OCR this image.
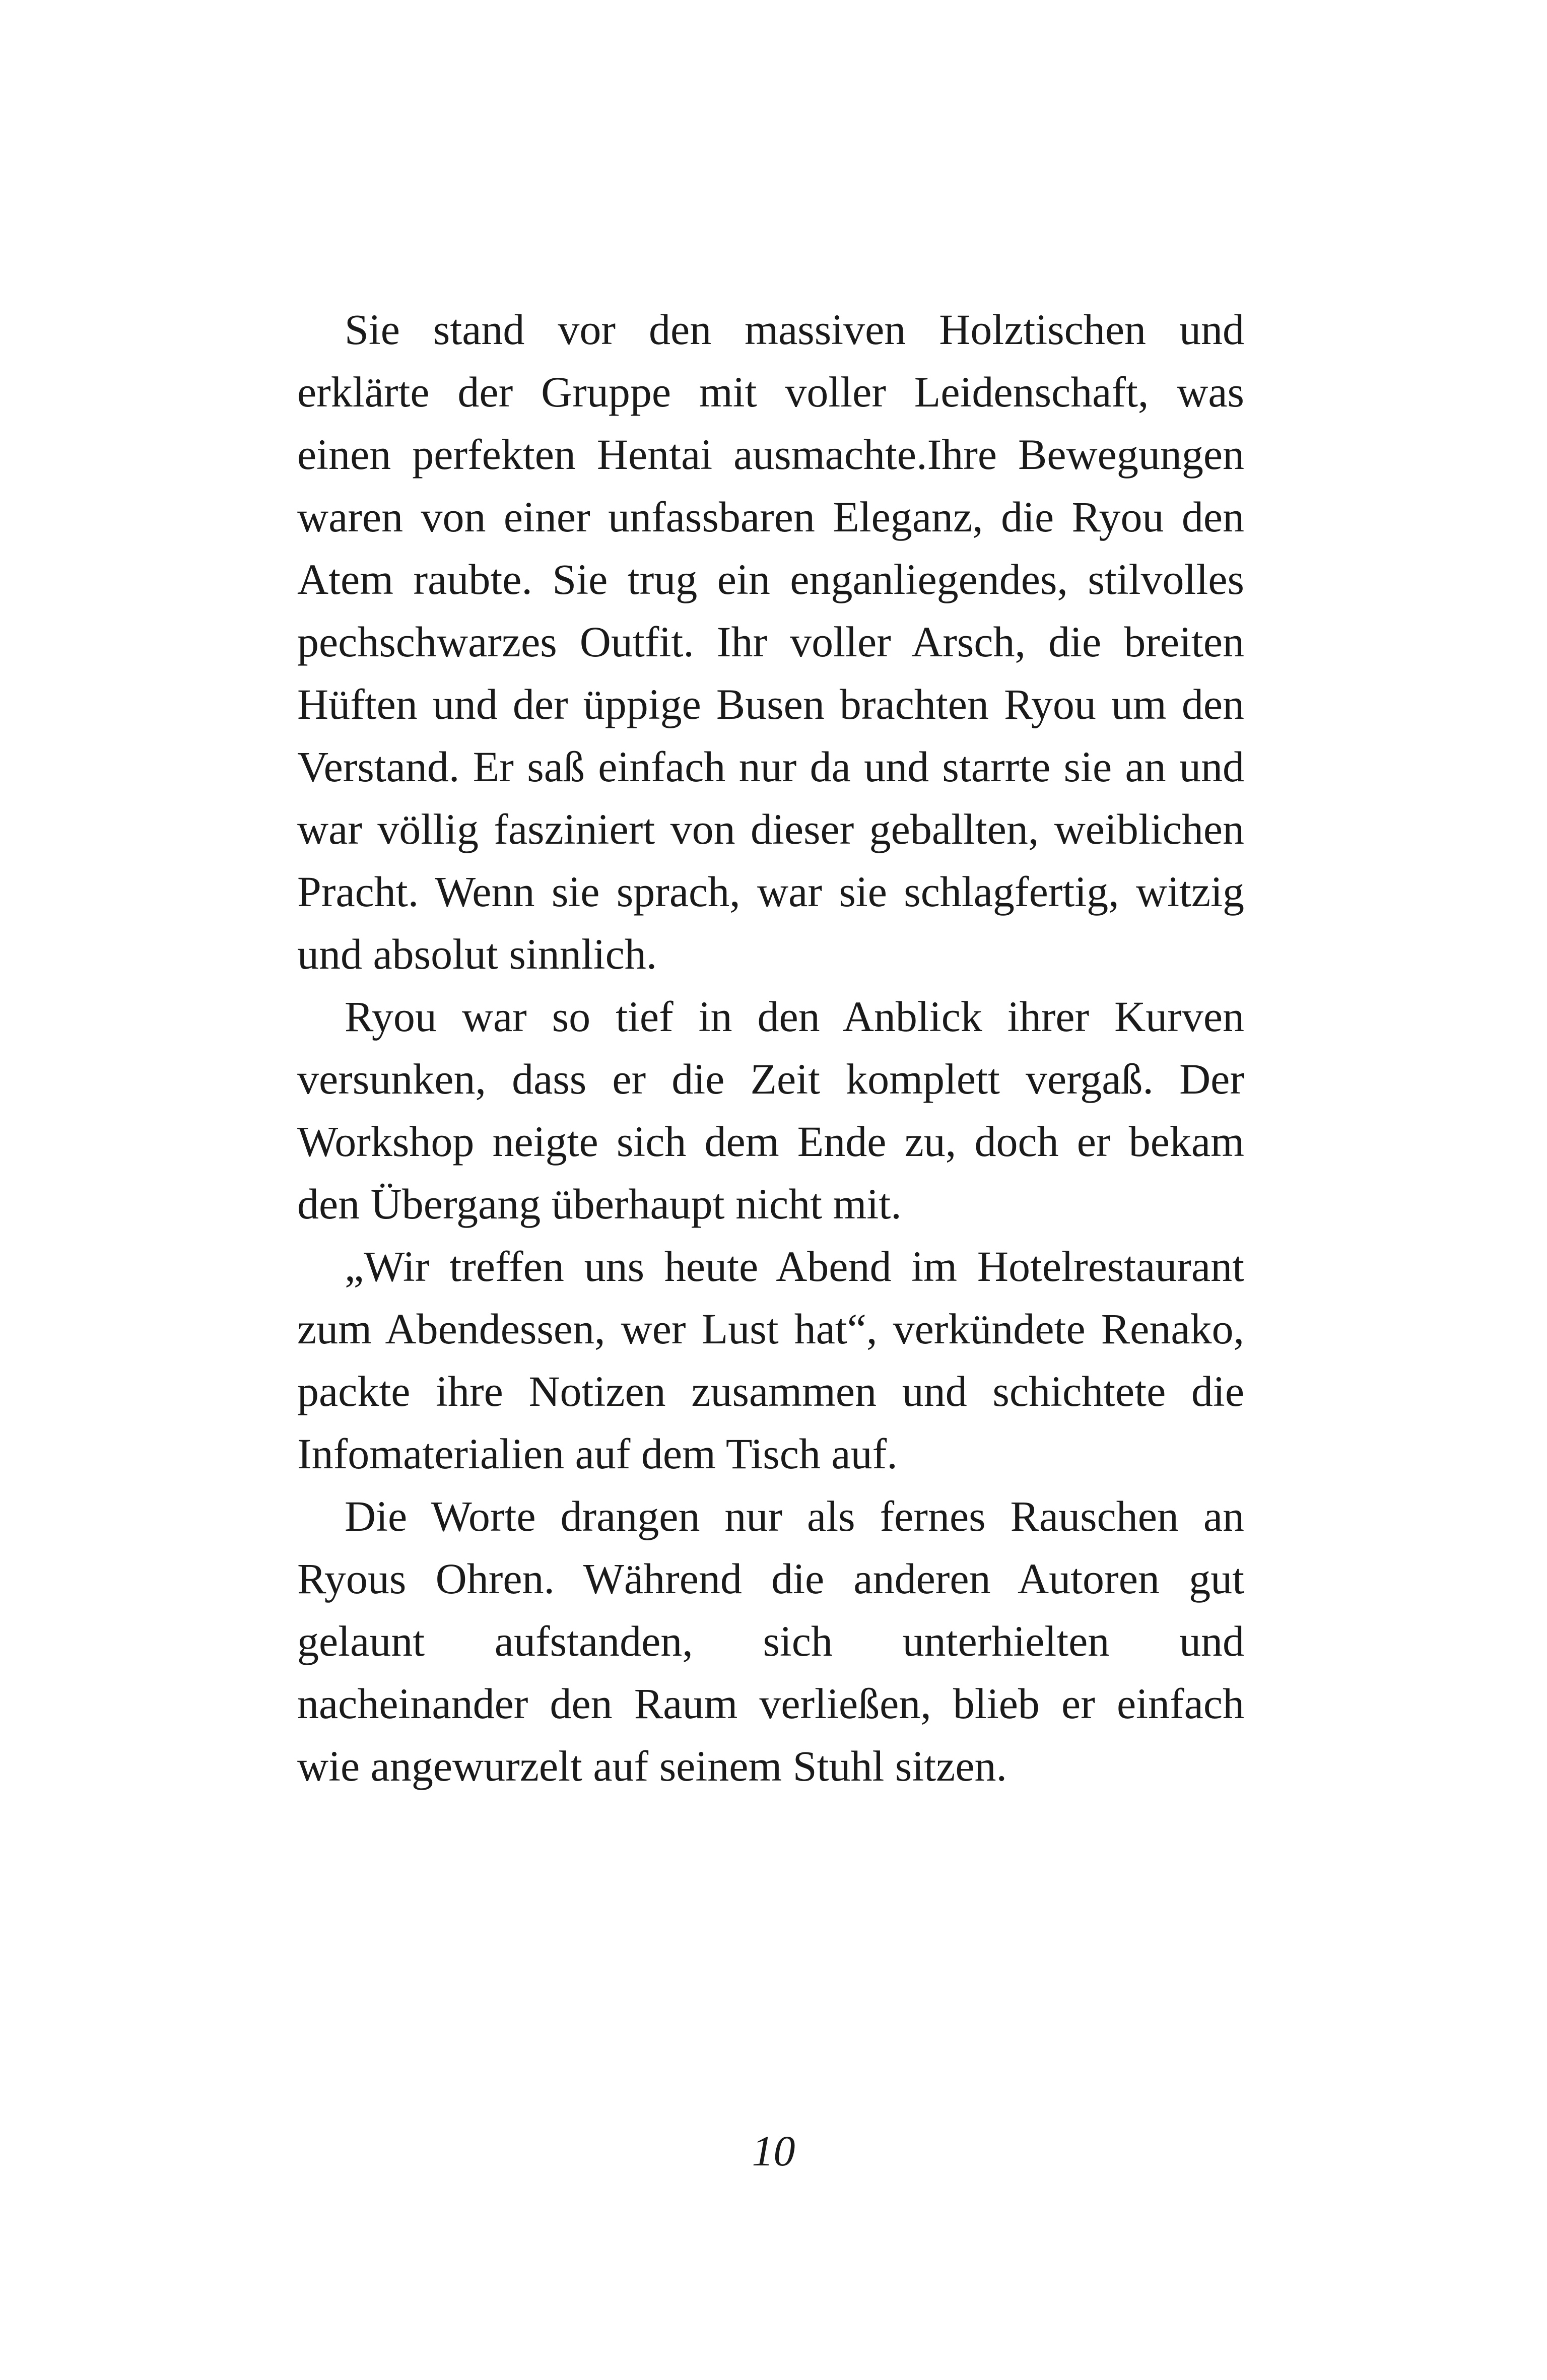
Sie stand vor den massiven Holztischen und erklärte der Gruppe mit voller Leidenschaft, was einen perfekten Hentai ausmachte.Ihre Bewegungen waren von einer unfassbaren Eleganz, die Ryou den Atem raubte. Sie trug ein enganliegendes, stilvolles pechschwarzes Outfit. Ihr voller Arsch, die breiten Hüften und der üppige Busen brachten Ryou um den Verstand. Er saß einfach nur da und starrte sie an und war völlig fasziniert von dieser geballten, weiblichen Pracht. Wenn sie sprach, war sie schlagfertig, witzig und absolut sinnlich.

Ryou war so tief in den Anblick ihrer Kurven versunken, dass er die Zeit komplett vergaß. Der Workshop neigte sich dem Ende zu, doch er bekam den Übergang überhaupt nicht mit.

„Wir treffen uns heute Abend im Hotelrestaurant zum Abendessen, wer Lust hat“, verkündete Renako, packte ihre Notizen zusammen und schichtete die Infomaterialien auf dem Tisch auf.

Die Worte drangen nur als fernes Rauschen an Ryous Ohren. Während die anderen Autoren gut gelaunt aufstanden, sich unterhielten und nacheinander den Raum verließen, blieb er einfach wie angewurzelt auf seinem Stuhl sitzen.

10
